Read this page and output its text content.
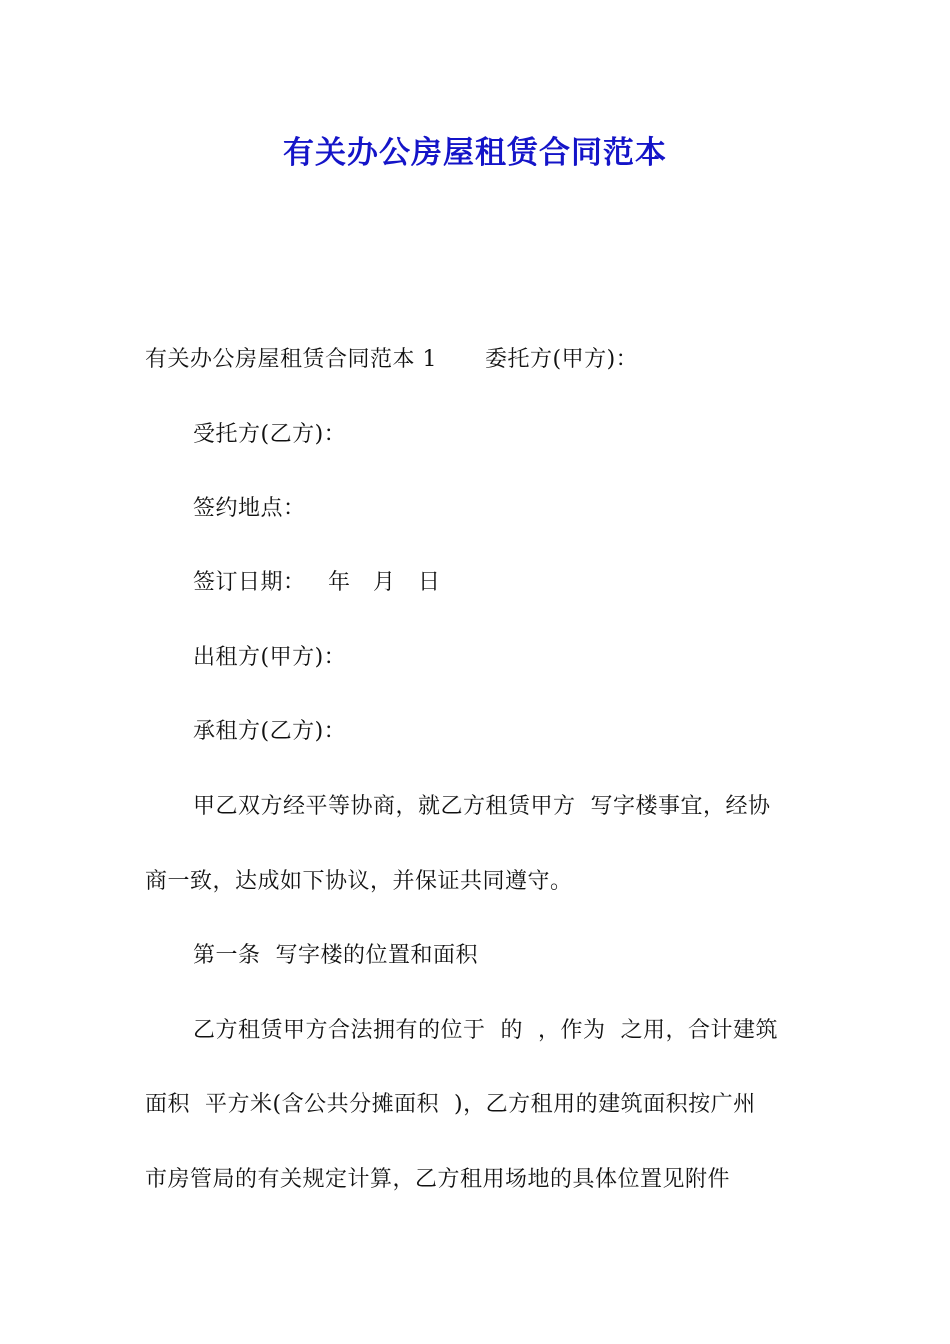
有关办公房屋租赁合同范本
有关办公房屋租赁合同范本 1 委托方(甲方)：
受托方(乙方)：
签约地点：
签订日期：   年   月   日
出租方(甲方)：
承租方(乙方)：
甲乙双方经平等协商，就乙方租赁甲方  写字楼事宜，经协
商一致，达成如下协议，并保证共同遵守。
第一条  写字楼的位置和面积
乙方租赁甲方合法拥有的位于  的  ，作为  之用，合计建筑
面积  平方米(含公共分摊面积  )，乙方租用的建筑面积按广州
市房管局的有关规定计算，乙方租用场地的具体位置见附件
